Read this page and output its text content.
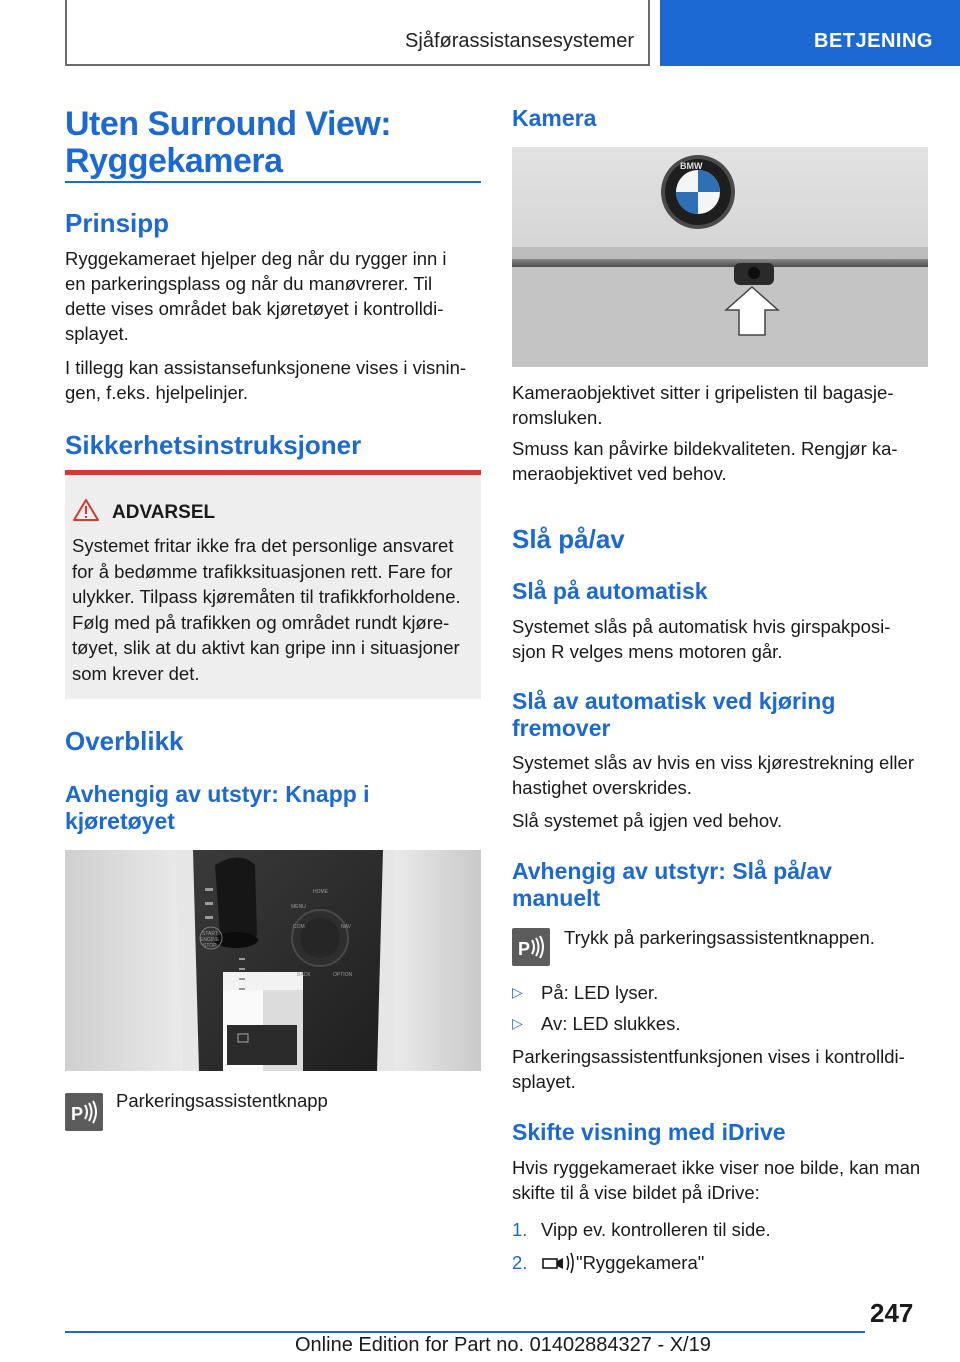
Sjåførassistansesystemer	BETJENING
Uten Surround View:
Ryggekamera
Prinsipp
Ryggekameraet hjelper deg når du rygger inn i
en parkeringsplass og når du manøvrerer. Til
dette vises området bak kjøretøyet i kontrolldi-
splayet.
I tillegg kan assistansefunksjonene vises i visnin-
gen, f.eks. hjelpelinjer.
Sikkerhetsinstruksjoner
ADVARSEL
Systemet fritar ikke fra det personlige ansvaret
for å bedømme trafikksituasjonen rett. Fare for
ulykker. Tilpass kjøremåten til trafikkforholdene.
Følg med på trafikken og området rundt kjøre-
tøyet, slik at du aktivt kan gripe inn i situasjoner
som krever det.
Overblikk
Avhengig av utstyr: Knapp i
kjøretøyet
MENU
HOME
COM	NAV
BACK	OPTION
START
ENGINE
STOP
P
Parkeringsassistentknapp
Kamera
BMW
Kameraobjektivet sitter i gripelisten til bagasje-
romsluken.
Smuss kan påvirke bildekvaliteten. Rengjør ka-
meraobjektivet ved behov.
Slå på/av
Slå på automatisk
Systemet slås på automatisk hvis girspakposi-
sjon R velges mens motoren går.
Slå av automatisk ved kjøring
fremover
Systemet slås av hvis en viss kjørestrekning eller
hastighet overskrides.
Slå systemet på igjen ved behov.
Avhengig av utstyr: Slå på/av
manuelt
P
Trykk på parkeringsassistentknappen.
▷ På: LED lyser.
▷ Av: LED slukkes.
Parkeringsassistentfunksjonen vises i kontrolldi-
splayet.
Skifte visning med iDrive
Hvis ryggekameraet ikke viser noe bilde, kan man
skifte til å vise bildet på iDrive:
1. Vipp ev. kontrolleren til side.
2.	"Ryggekamera"
247
Online Edition for Part no. 01402884327 - X/19
